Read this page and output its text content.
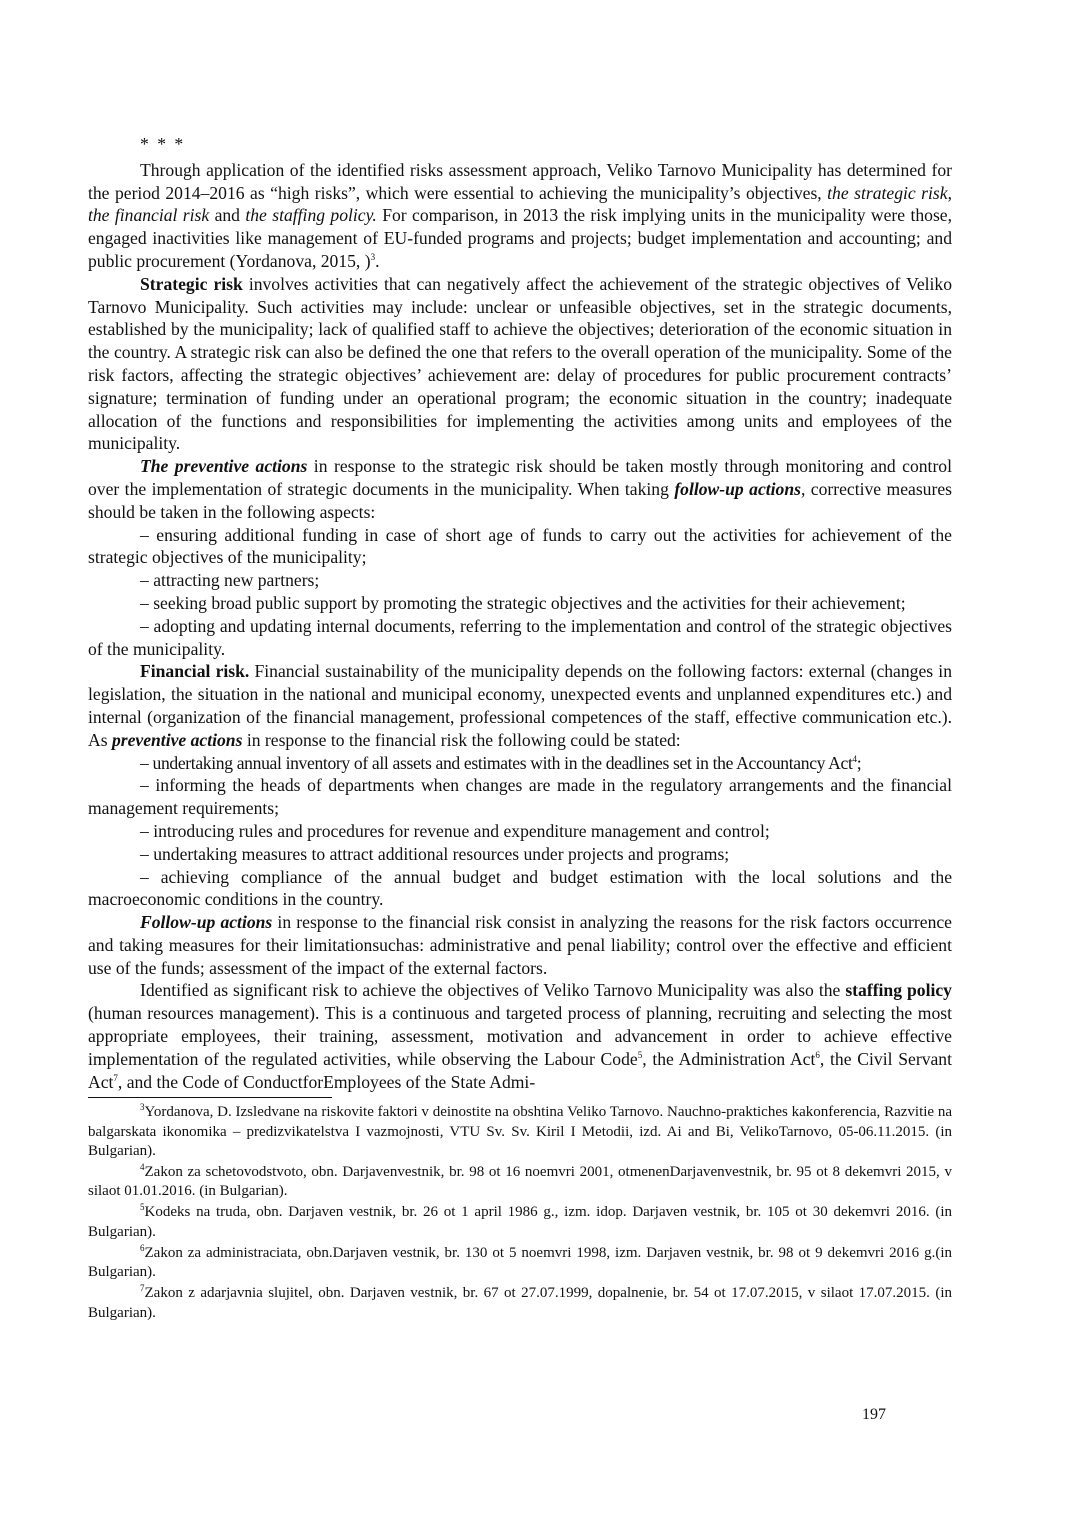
* * *

Through application of the identified risks assessment approach, Veliko Tarnovo Municipality has determined for the period 2014–2016 as “high risks”, which were essential to achieving the municipality’s objectives, the strategic risk, the financial risk and the staffing policy. For comparison, in 2013 the risk implying units in the municipality were those, engaged inactivities like management of EU-funded programs and projects; budget implementation and accounting; and public procurement (Yordanova, 2015, )$^3$.

Strategic risk involves activities that can negatively affect the achievement of the strategic objectives of Veliko Tarnovo Municipality. Such activities may include: unclear or unfeasible objectives, set in the strategic documents, established by the municipality; lack of qualified staff to achieve the objectives; deterioration of the economic situation in the country. A strategic risk can also be defined the one that refers to the overall operation of the municipality. Some of the risk factors, affecting the strategic objectives’ achievement are: delay of procedures for public procurement contracts’ signature; termination of funding under an operational program; the economic situation in the country; inadequate allocation of the functions and responsibilities for implementing the activities among units and employees of the municipality.

The preventive actions in response to the strategic risk should be taken mostly through monitoring and control over the implementation of strategic documents in the municipality. When taking follow-up actions, corrective measures should be taken in the following aspects:

– ensuring additional funding in case of short age of funds to carry out the activities for achievement of the strategic objectives of the municipality;

– attracting new partners;

– seeking broad public support by promoting the strategic objectives and the activities for their achievement;

– adopting and updating internal documents, referring to the implementation and control of the strategic objectives of the municipality.

Financial risk. Financial sustainability of the municipality depends on the following factors: external (changes in legislation, the situation in the national and municipal economy, unexpected events and unplanned expenditures etc.) and internal (organization of the financial management, professional competences of the staff, effective communication etc.). As preventive actions in response to the financial risk the following could be stated:

– undertaking annual inventory of all assets and estimates with in the deadlines set in the Accountancy Act$^4$;

– informing the heads of departments when changes are made in the regulatory arrangements and the financial management requirements;

– introducing rules and procedures for revenue and expenditure management and control;

– undertaking measures to attract additional resources under projects and programs;

– achieving compliance of the annual budget and budget estimation with the local solutions and the macroeconomic conditions in the country.

Follow-up actions in response to the financial risk consist in analyzing the reasons for the risk factors occurrence and taking measures for their limitationsuchas: administrative and penal liability; control over the effective and efficient use of the funds; assessment of the impact of the external factors.

Identified as significant risk to achieve the objectives of Veliko Tarnovo Municipality was also the staffing policy (human resources management). This is a continuous and targeted process of planning, recruiting and selecting the most appropriate employees, their training, assessment, motivation and advancement in order to achieve effective implementation of the regulated activities, while observing the Labour Code$^5$, the Administration Act$^6$, the Civil Servant Act$^7$, and the Code of ConductforEmployees of the State Admi-

$^3$Yordanova, D. Izsledvane na riskovite faktori v deinostite na obshtina Veliko Tarnovo. Nauchno-praktiches kakonferencia, Razvitie na balgarskata ikonomika – predizvikatelstva I vazmojnosti, VTU Sv. Sv. Kiril I Metodii, izd. Ai and Bi, VelikoTarnovo, 05-06.11.2015. (in Bulgarian).

$^4$Zakon za schetovodstvoto, obn. Darjavenvestnik, br. 98 ot 16 noemvri 2001, otmenenDarjavenvestnik, br. 95 ot 8 dekemvri 2015, v silaot 01.01.2016. (in Bulgarian).

$^5$Kodeks na truda, obn. Darjaven vestnik, br. 26 ot 1 april 1986 g., izm. idop. Darjaven vestnik, br. 105 ot 30 dekemvri 2016. (in Bulgarian).

$^6$Zakon za administraciata, obn.Darjaven vestnik, br. 130 ot 5 noemvri 1998, izm. Darjaven vestnik, br. 98 ot 9 dekemvri 2016 g.(in Bulgarian).

$^7$Zakon z adarjavnia slujitel, obn. Darjaven vestnik, br. 67 ot 27.07.1999, dopalnenie, br. 54 ot 17.07.2015, v silaot 17.07.2015. (in Bulgarian).

197
